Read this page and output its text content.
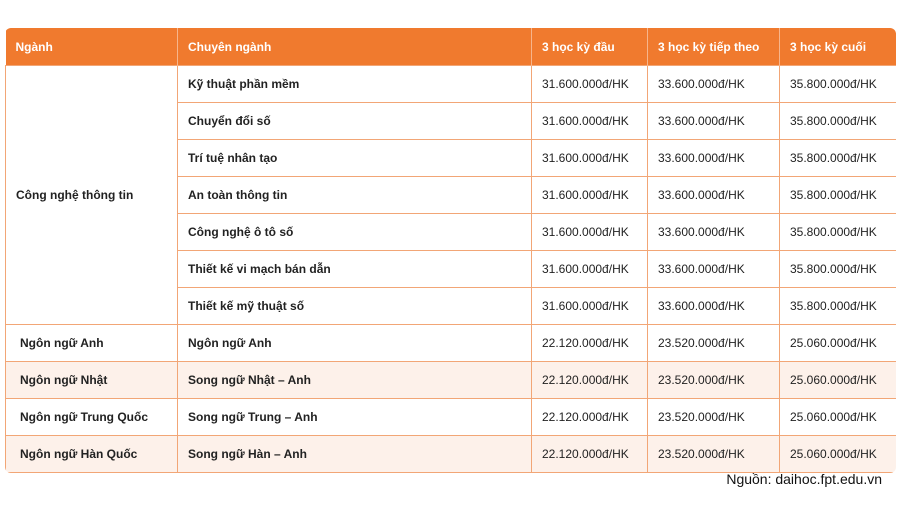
Ngành	Chuyên ngành	3 học kỳ đầu	3 học kỳ tiếp theo	3 học kỳ cuối
Công nghệ thông tin	Kỹ thuật phần mềm	31.600.000đ/HK	33.600.000đ/HK	35.800.000đ/HK
	Chuyển đổi số	31.600.000đ/HK	33.600.000đ/HK	35.800.000đ/HK
	Trí tuệ nhân tạo	31.600.000đ/HK	33.600.000đ/HK	35.800.000đ/HK
	An toàn thông tin	31.600.000đ/HK	33.600.000đ/HK	35.800.000đ/HK
	Công nghệ ô tô số	31.600.000đ/HK	33.600.000đ/HK	35.800.000đ/HK
	Thiết kế vi mạch bán dẫn	31.600.000đ/HK	33.600.000đ/HK	35.800.000đ/HK
	Thiết kế mỹ thuật số	31.600.000đ/HK	33.600.000đ/HK	35.800.000đ/HK
Ngôn ngữ Anh	Ngôn ngữ Anh	22.120.000đ/HK	23.520.000đ/HK	25.060.000đ/HK
Ngôn ngữ Nhật	Song ngữ Nhật – Anh	22.120.000đ/HK	23.520.000đ/HK	25.060.000đ/HK
Ngôn ngữ Trung Quốc	Song ngữ Trung – Anh	22.120.000đ/HK	23.520.000đ/HK	25.060.000đ/HK
Ngôn ngữ Hàn Quốc	Song ngữ Hàn – Anh	22.120.000đ/HK	23.520.000đ/HK	25.060.000đ/HK
Nguồn: daihoc.fpt.edu.vn
